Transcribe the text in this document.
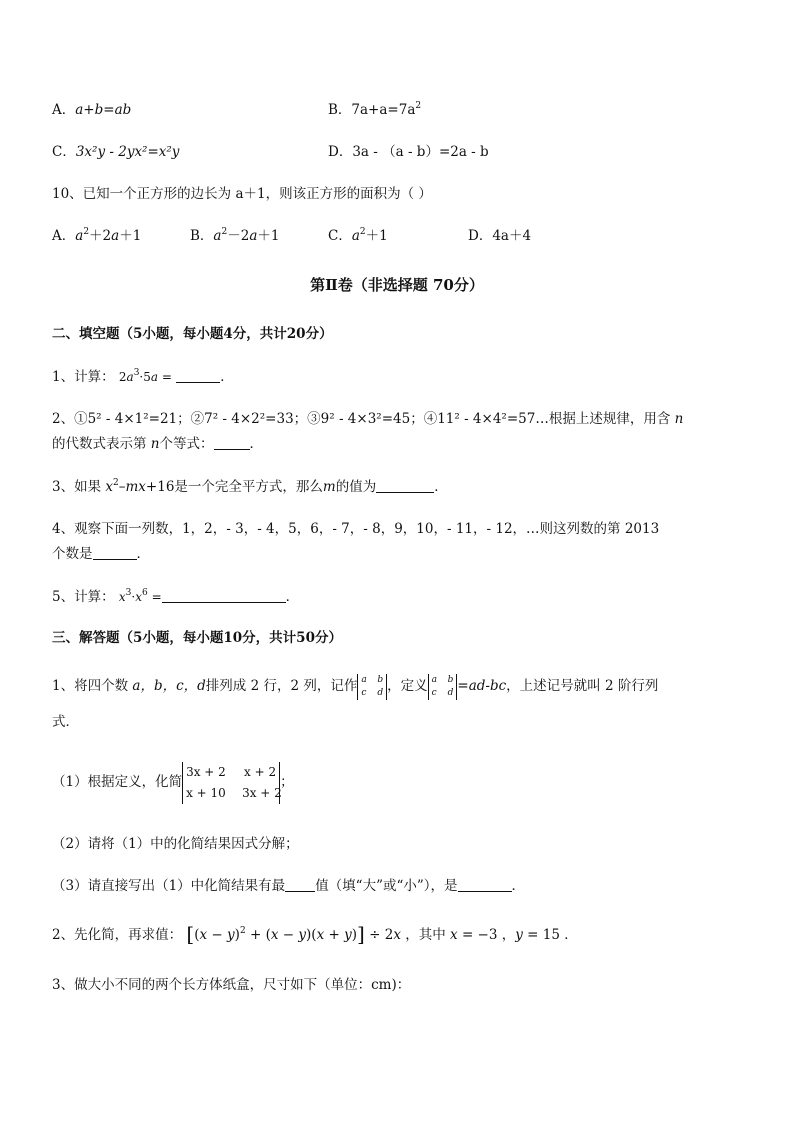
A．a+b=ab	B．$7a+a=7a^2$
C．3x²y - 2yx²=x²y	D．3a - （a - b）=2a - b
10、已知一个正方形的边长为 a＋1，则该正方形的面积为（ ）
A．$a^2+2a+1$	B．$a^2-2a+1$	C．$a^2+1$	D．4a＋4
第Ⅱ卷（非选择题 70分）
二、填空题（5小题，每小题4分，共计20分）
1、计算： $2a^3\cdot 5a$ =	．
2、①5² - 4×1²=21；②7² - 4×2²=33；③9² - 4×3²=45；④11² - 4×4²=57…根据上述规律，用含 n
的代数式表示第 n个等式：	．
3、如果 $x^2-mx+16$是一个完全平方式，那么m的值为	．
4、观察下面一列数，1，2，- 3，- 4，5，6，- 7，- 8，9，10，- 11，- 12，…则这列数的第 2013
个数是	．
5、计算： $x^3\cdot x^6$ =	．
三、解答题（5小题，每小题10分，共计50分）
1、将四个数 a，b，c，d排列成 2 行，2 列，记作 a b
c d ，定义 a b
c d =ad-bc，上述记号就叫 2 阶行列
式．
（1）根据定义，化简
3x + 2 x + 2
x + 10 3x + 2
；
（2）请将（1）中的化简结果因式分解；
（3）请直接写出（1）中化简结果有最 值（填“大”或“小”），是	．
2、先化简，再求值： $[(x - y)^2 + (x - y)(x + y)] \div 2x$ ，其中 x = −3 ，y = 15 ．
3、做大小不同的两个长方体纸盒，尺寸如下（单位：cm)：
